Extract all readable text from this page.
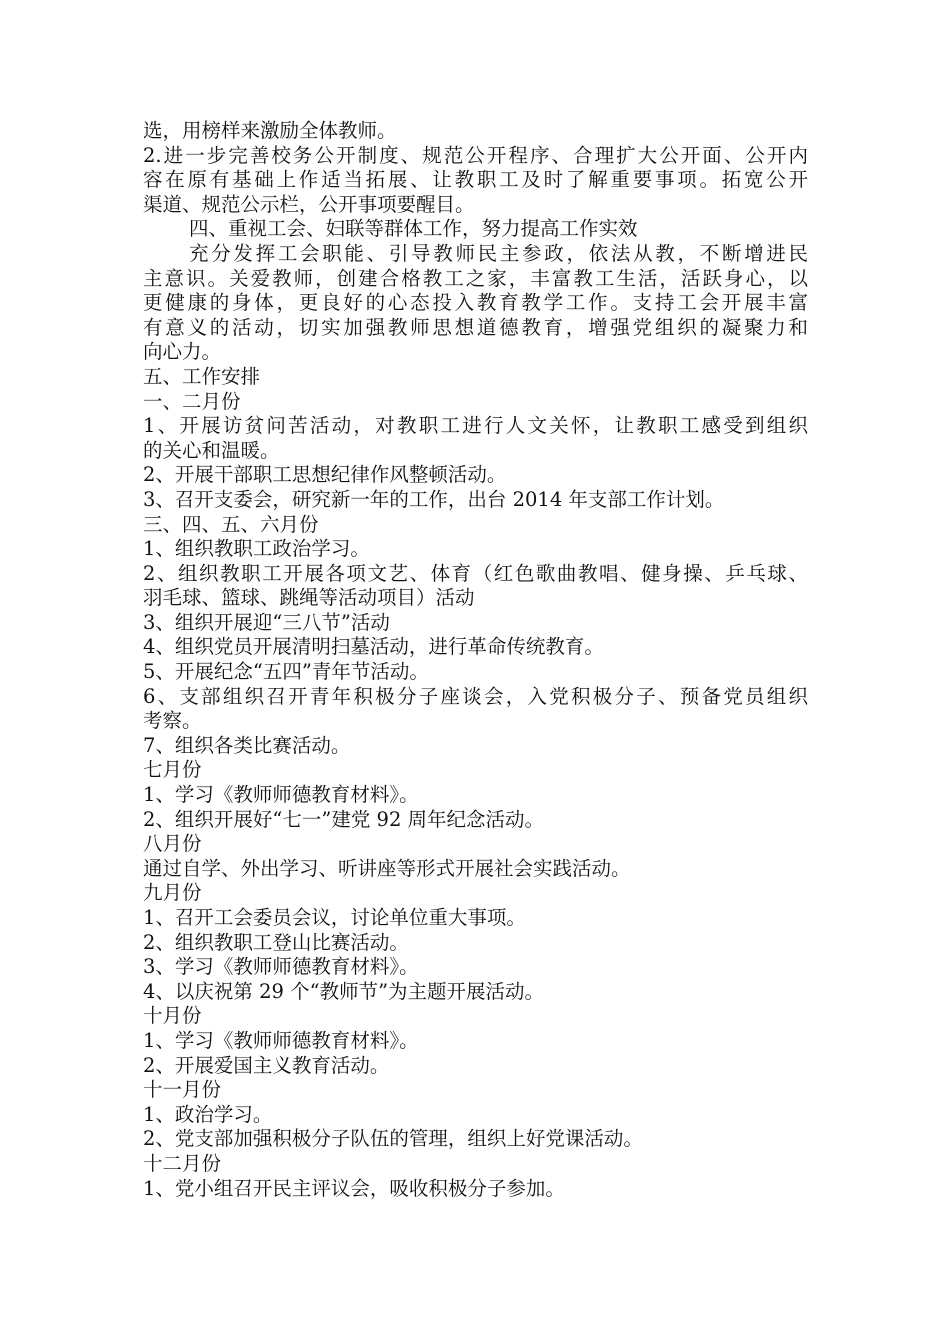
选，用榜样来激励全体教师。

2.进一步完善校务公开制度、规范公开程序、合理扩大公开面、公开内

容在原有基础上作适当拓展、让教职工及时了解重要事项。拓宽公开

渠道、规范公示栏，公开事项要醒目。

四、重视工会、妇联等群体工作，努力提高工作实效

充分发挥工会职能、引导教师民主参政，依法从教，不断增进民

主意识。关爱教师，创建合格教工之家，丰富教工生活，活跃身心，以

更健康的身体，更良好的心态投入教育教学工作。支持工会开展丰富

有意义的活动，切实加强教师思想道德教育，增强党组织的凝聚力和

向心力。

五、工作安排

一、二月份

1、开展访贫问苦活动，对教职工进行人文关怀，让教职工感受到组织

的关心和温暖。

2、开展干部职工思想纪律作风整顿活动。

3、召开支委会，研究新一年的工作，出台 2014 年支部工作计划。

三、四、五、六月份

1、组织教职工政治学习。

2、组织教职工开展各项文艺、体育（红色歌曲教唱、健身操、乒乓球、

羽毛球、篮球、跳绳等活动项目）活动

3、组织开展迎“三八节”活动

4、组织党员开展清明扫墓活动，进行革命传统教育。

5、开展纪念“五四”青年节活动。

6、支部组织召开青年积极分子座谈会，入党积极分子、预备党员组织

考察。

7、组织各类比赛活动。

七月份

1、学习《教师师德教育材料》。

2、组织开展好“七一”建党 92 周年纪念活动。

八月份

通过自学、外出学习、听讲座等形式开展社会实践活动。

九月份

1、召开工会委员会议，讨论单位重大事项。

2、组织教职工登山比赛活动。

3、学习《教师师德教育材料》。

4、以庆祝第 29 个“教师节”为主题开展活动。

十月份

1、学习《教师师德教育材料》。

2、开展爱国主义教育活动。

十一月份

1、政治学习。

2、党支部加强积极分子队伍的管理，组织上好党课活动。

十二月份

1、党小组召开民主评议会，吸收积极分子参加。
